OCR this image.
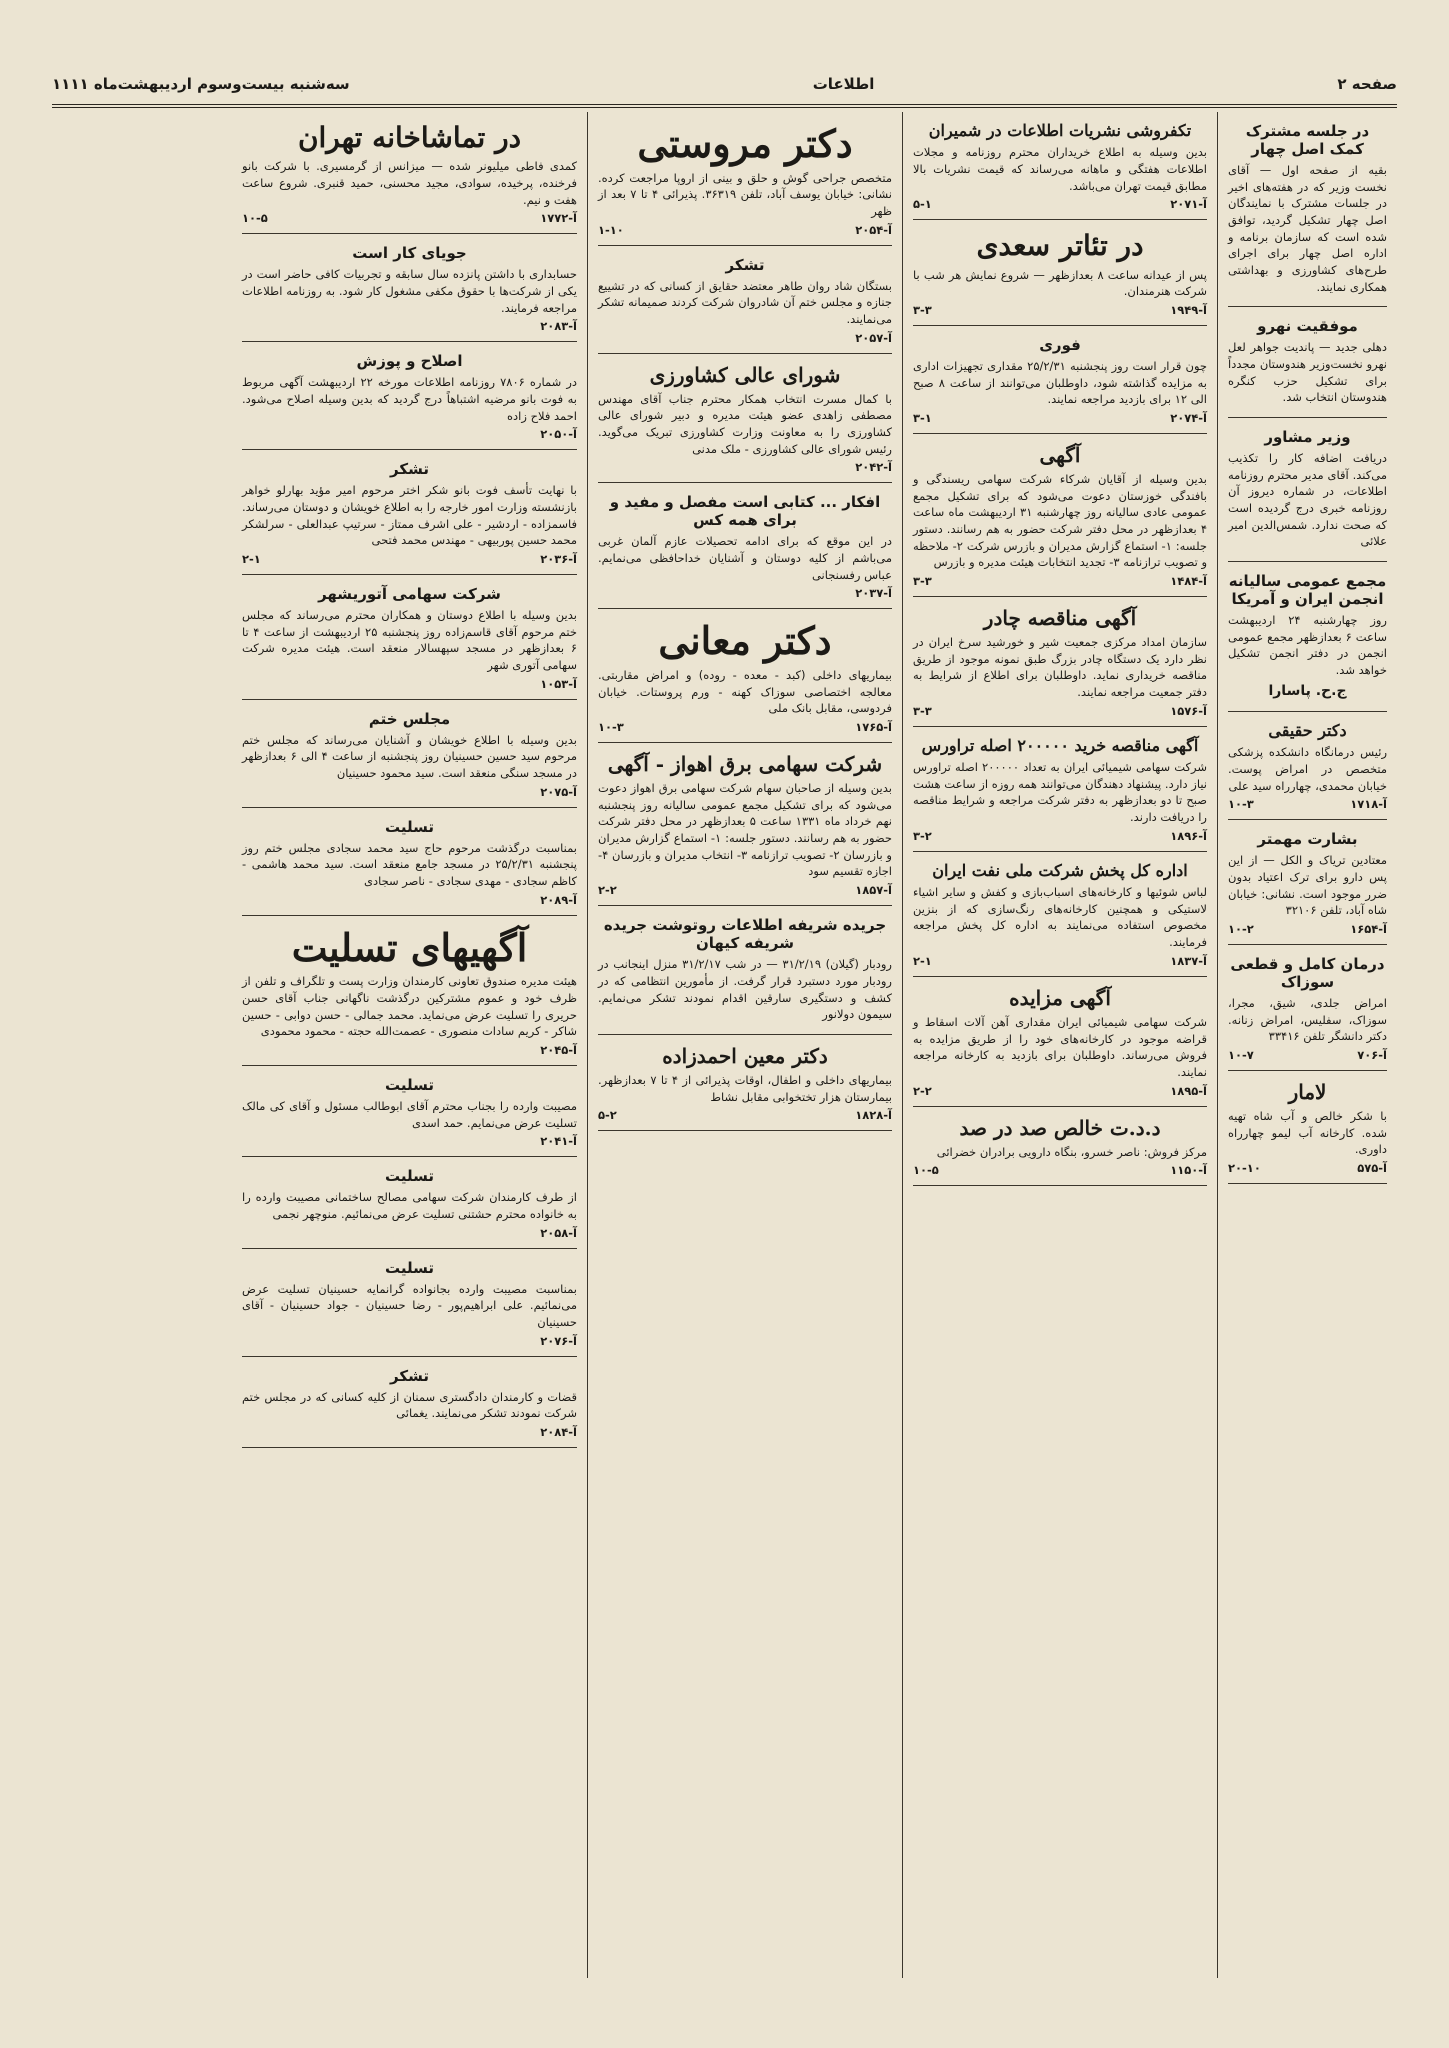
صفحه ۲
اطلاعات
سه‌شنبه بیست‌وسوم اردیبهشت‌ماه ۱۱۱۱
در جلسه مشترک کمک اصل چهار

بقیه از صفحه اول — آقای نخست وزیر که در هفته‌های اخیر در جلسات مشترک با نمایندگان اصل چهار تشکیل گردید، توافق شده است که سازمان برنامه و اداره اصل چهار برای اجرای طرح‌های کشاورزی و بهداشتی همکاری نمایند.

موفقیت نهرو

دهلی جدید — پاندیت جواهر لعل نهرو نخست‌وزیر هندوستان مجدداً برای تشکیل حزب کنگره هندوستان انتخاب شد.

وزیر مشاور

دریافت اضافه کار را تکذیب می‌کند. آقای مدیر محترم روزنامه اطلاعات، در شماره دیروز آن روزنامه خبری درج گردیده است که صحت ندارد. شمس‌الدین امیر علائی

مجمع عمومی سالیانه انجمن ایران و آمریکا

روز چهارشنبه ۲۴ اردیبهشت ساعت ۶ بعدازظهر مجمع عمومی انجمن در دفتر انجمن تشکیل خواهد شد.

ج.ح. پاسارا
دکتر حقیقی

رئیس درمانگاه دانشکده پزشکی متخصص در امراض پوست. خیابان محمدی، چهارراه سید علی

۱۰-۳	آ-۱۷۱۸
بشارت مهمتر

معتادین تریاک و الکل — از این پس دارو برای ترک اعتیاد بدون ضرر موجود است. نشانی: خیابان شاه آباد، تلفن ۳۲۱۰۶

۱۰-۲	آ-۱۶۵۴
درمان کامل و قطعی سوزاک

امراض جلدی، شیق، مجرا، سوزاک، سفلیس، امراض زنانه. دکتر دانشگر تلفن ۳۳۴۱۶

۱۰-۷	آ-۷۰۶
لامار

با شکر خالص و آب شاه تهیه شده. کارخانه آب لیمو چهارراه داوری.

۲۰-۱۰	آ-۵۷۵
تکفروشی نشریات اطلاعات در شمیران

بدین وسیله به اطلاع خریداران محترم روزنامه و مجلات اطلاعات هفتگی و ماهانه می‌رساند که قیمت نشریات بالا مطابق قیمت تهران می‌باشد.

۵-۱	آ-۲۰۷۱
در تئاتر سعدی

پس از عیدانه ساعت ۸ بعدازظهر — شروع نمایش هر شب با شرکت هنرمندان.

۳-۳	آ-۱۹۴۹
فوری

چون قرار است روز پنجشنبه ۲۵/۲/۳۱ مقداری تجهیزات اداری به مزایده گذاشته شود، داوطلبان می‌توانند از ساعت ۸ صبح الی ۱۲ برای بازدید مراجعه نمایند.

۳-۱	آ-۲۰۷۴
آگهی

بدین وسیله از آقایان شرکاء شرکت سهامی ریسندگی و بافندگی خوزستان دعوت می‌شود که برای تشکیل مجمع عمومی عادی سالیانه روز چهارشنبه ۳۱ اردیبهشت ماه ساعت ۴ بعدازظهر در محل دفتر شرکت حضور به هم رسانند. دستور جلسه: ۱- استماع گزارش مدیران و بازرس شرکت ۲- ملاحظه و تصویب ترازنامه ۳- تجدید انتخابات هیئت مدیره و بازرس

۳-۳	آ-۱۴۸۴
آگهی مناقصه چادر

سازمان امداد مرکزی جمعیت شیر و خورشید سرخ ایران در نظر دارد یک دستگاه چادر بزرگ طبق نمونه موجود از طریق مناقصه خریداری نماید. داوطلبان برای اطلاع از شرایط به دفتر جمعیت مراجعه نمایند.

۳-۳	آ-۱۵۷۶
آگهی مناقصه خرید ۲۰۰۰۰۰ اصله تراورس

شرکت سهامی شیمیائی ایران به تعداد ۲۰۰۰۰۰ اصله تراورس نیاز دارد. پیشنهاد دهندگان می‌توانند همه روزه از ساعت هشت صبح تا دو بعدازظهر به دفتر شرکت مراجعه و شرایط مناقصه را دریافت دارند.

۳-۲	آ-۱۸۹۶
اداره کل پخش شرکت ملی نفت ایران

لباس شوئیها و کارخانه‌های اسباب‌بازی و کفش و سایر اشیاء لاستیکی و همچنین کارخانه‌های رنگ‌سازی که از بنزین مخصوص استفاده می‌نمایند به اداره کل پخش مراجعه فرمایند.

۲-۱	آ-۱۸۳۷
آگهی مزایده

شرکت سهامی شیمیائی ایران مقداری آهن آلات اسقاط و قراضه موجود در کارخانه‌های خود را از طریق مزایده به فروش می‌رساند. داوطلبان برای بازدید به کارخانه مراجعه نمایند.

۲-۲	آ-۱۸۹۵
د.د.ت خالص صد در صد

مرکز فروش: ناصر خسرو، بنگاه دارویی برادران خضرائی

۱۰-۵	آ-۱۱۵۰
دکتر مروستی

متخصص جراحی گوش و حلق و بینی از اروپا مراجعت کرده. نشانی: خیابان یوسف آباد، تلفن ۳۶۳۱۹. پذیرائی ۴ تا ۷ بعد از ظهر

۱-۱۰	آ-۲۰۵۴
تشکر

بستگان شاد روان طاهر معتضد حقایق از کسانی که در تشییع جنازه و مجلس ختم آن شادروان شرکت کردند صمیمانه تشکر می‌نمایند.

آ-۲۰۵۷
شورای عالی کشاورزی

با کمال مسرت انتخاب همکار محترم جناب آقای مهندس مصطفی زاهدی عضو هیئت مدیره و دبیر شورای عالی کشاورزی را به معاونت وزارت کشاورزی تبریک می‌گوید. رئیس شورای عالی کشاورزی - ملک مدنی

آ-۲۰۴۲
افکار ... کتابی است مفصل و مفید و برای همه کس

در این موقع که برای ادامه تحصیلات عازم آلمان غربی می‌باشم از کلیه دوستان و آشنایان خداحافظی می‌نمایم. عباس رفسنجانی

آ-۲۰۳۷
دکتر معانی

بیماریهای داخلی (کبد - معده - روده) و امراض مقاربتی. معالجه اختصاصی سوزاک کهنه - ورم پروستات. خیابان فردوسی، مقابل بانک ملی

۱۰-۳	آ-۱۷۶۵
شرکت سهامی برق اهواز - آگهی

بدین وسیله از صاحبان سهام شرکت سهامی برق اهواز دعوت می‌شود که برای تشکیل مجمع عمومی سالیانه روز پنجشنبه نهم خرداد ماه ۱۳۳۱ ساعت ۵ بعدازظهر در محل دفتر شرکت حضور به هم رسانند. دستور جلسه: ۱- استماع گزارش مدیران و بازرسان ۲- تصویب ترازنامه ۳- انتخاب مدیران و بازرسان ۴- اجازه تقسیم سود

۲-۲	آ-۱۸۵۷
جریده شریفه اطلاعات روتوشت جریده شریفه کیهان

رودبار (گیلان) ۳۱/۲/۱۹ — در شب ۳۱/۲/۱۷ منزل اینجانب در رودبار مورد دستبرد قرار گرفت. از مأمورین انتظامی که در کشف و دستگیری سارقین اقدام نمودند تشکر می‌نمایم. سیمون دولانور

دکتر معین احمدزاده

بیماریهای داخلی و اطفال، اوقات پذیرائی از ۴ تا ۷ بعدازظهر. بیمارستان هزار تختخوابی مقابل نشاط

۵-۲	آ-۱۸۲۸
در تماشاخانه تهران

کمدی فاطی میلیونر شده — میزانس از گرمسیری. با شرکت بانو فرخنده، پرخیده، سوادی، مجید محسنی، حمید قنبری. شروع ساعت هفت و نیم.

۱۰-۵	آ-۱۷۷۲
جویای کار است

حسابداری با داشتن پانزده سال سابقه و تجربیات کافی حاضر است در یکی از شرکت‌ها با حقوق مکفی مشغول کار شود. به روزنامه اطلاعات مراجعه فرمایند.

آ-۲۰۸۳
اصلاح و پوزش

در شماره ۷۸۰۶ روزنامه اطلاعات مورخه ۲۲ اردیبهشت آگهی مربوط به فوت بانو مرضیه اشتباهاً درج گردید که بدین وسیله اصلاح می‌شود. احمد فلاح زاده

آ-۲۰۵۰
تشکر

با نهایت تأسف فوت بانو شکر اختر مرحوم امیر مؤید بهارلو خواهر بازنشسته وزارت امور خارجه را به اطلاع خویشان و دوستان می‌رساند. فاسمزاده - اردشیر - علی اشرف ممتاز - سرتیپ عبدالعلی - سرلشکر محمد حسین پوربیهی - مهندس محمد فتحی

۲-۱	آ-۲۰۳۶
شرکت سهامی آتوریشهر

بدین وسیله با اطلاع دوستان و همکاران محترم می‌رساند که مجلس ختم مرحوم آقای قاسم‌زاده روز پنجشنبه ۲۵ اردیبهشت از ساعت ۴ تا ۶ بعدازظهر در مسجد سپهسالار منعقد است. هیئت مدیره شرکت سهامی آتوری شهر

آ-۱۰۵۳
مجلس ختم

بدین وسیله با اطلاع خویشان و آشنایان می‌رساند که مجلس ختم مرحوم سید حسین حسینیان روز پنجشنبه از ساعت ۴ الی ۶ بعدازظهر در مسجد سنگی منعقد است. سید محمود حسینیان

آ-۲۰۷۵
تسلیت

بمناسبت درگذشت مرحوم حاج سید محمد سجادی مجلس ختم روز پنجشنبه ۲۵/۲/۳۱ در مسجد جامع منعقد است. سید محمد هاشمی - کاظم سجادی - مهدی سجادی - ناصر سجادی

آ-۲۰۸۹
آگهیهای تسلیت

هیئت مدیره صندوق تعاونی کارمندان وزارت پست و تلگراف و تلفن از ظرف خود و عموم مشترکین درگذشت ناگهانی جناب آقای حسن حریری را تسلیت عرض می‌نماید. محمد جمالی - حسن دوابی - حسین شاکر - کریم سادات منصوری - عصمت‌الله حجته - محمود محمودی

آ-۲۰۴۵
تسلیت

مصیبت وارده را بجناب محترم آقای ابوطالب مسئول و آقای کی مالک تسلیت عرض می‌نمایم. حمد اسدی

آ-۲۰۴۱
تسلیت

از طرف کارمندان شرکت سهامی مصالح ساختمانی مصیبت وارده را به خانواده محترم حشتنی تسلیت عرض می‌نمائیم. منوچهر نجمی

آ-۲۰۵۸
تسلیت

بمناسبت مصیبت وارده بجانواده گرانمایه حسینیان تسلیت عرض می‌نمائیم. علی ابراهیم‌پور - رضا حسینیان - جواد حسینیان - آقای حسینیان

آ-۲۰۷۶
تشکر

قضات و کارمندان دادگستری سمنان از کلیه کسانی که در مجلس ختم شرکت نمودند تشکر می‌نمایند. یغمائی

آ-۲۰۸۴
